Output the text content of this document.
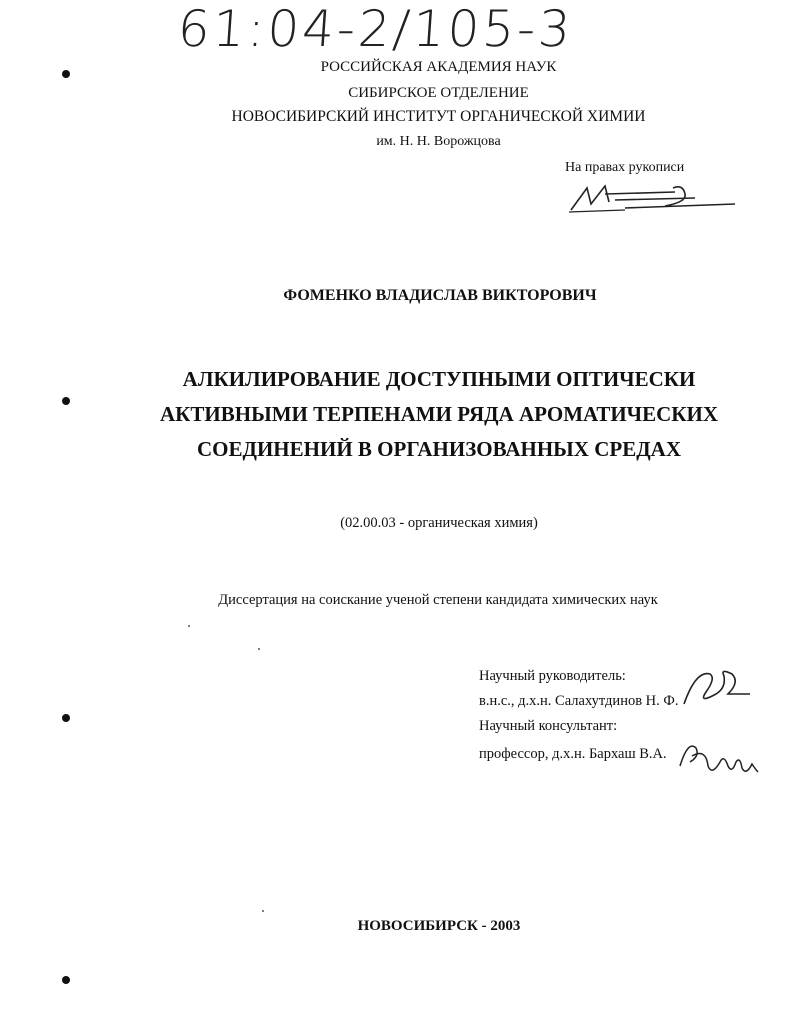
61:04-2/105-3
РОССИЙСКАЯ АКАДЕМИЯ НАУК
СИБИРСКОЕ ОТДЕЛЕНИЕ
НОВОСИБИРСКИЙ ИНСТИТУТ ОРГАНИЧЕСКОЙ ХИМИИ
им. Н. Н. Ворожцова
На правах рукописи
ФОМЕНКО ВЛАДИСЛАВ ВИКТОРОВИЧ
АЛКИЛИРОВАНИЕ ДОСТУПНЫМИ ОПТИЧЕСКИ
АКТИВНЫМИ ТЕРПЕНАМИ РЯДА АРОМАТИЧЕСКИХ
СОЕДИНЕНИЙ В ОРГАНИЗОВАННЫХ СРЕДАХ
(02.00.03 - органическая химия)
Диссертация на соискание ученой степени кандидата химических наук
Научный руководитель:
в.н.с., д.х.н. Салахутдинов Н. Ф.
Научный консультант:
профессор, д.х.н. Бархаш В.А.
НОВОСИБИРСК - 2003
